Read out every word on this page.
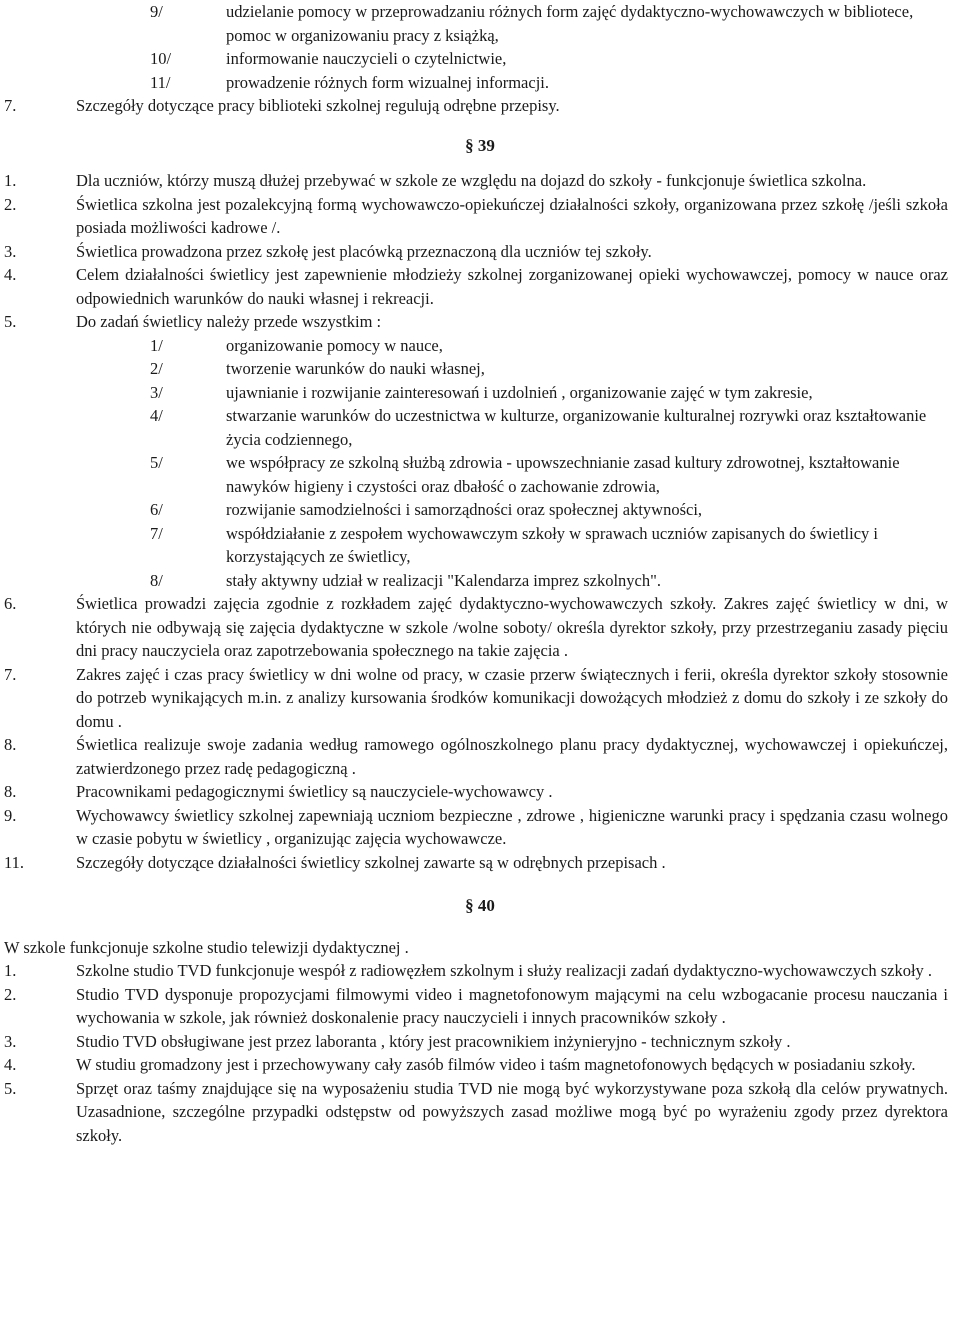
9/	udzielanie pomocy w przeprowadzaniu różnych form zajęć dydaktyczno-wychowawczych w bibliotece, pomoc w organizowaniu pracy z książką,
10/	informowanie nauczycieli o czytelnictwie,
11/	prowadzenie różnych form wizualnej informacji.
7.	Szczegóły dotyczące pracy biblioteki szkolnej regulują odrębne przepisy.
§ 39
1.	Dla uczniów, którzy muszą dłużej przebywać w szkole ze względu na dojazd do szkoły - funkcjonuje świetlica szkolna.
2.	Świetlica szkolna jest pozalekcyjną formą wychowawczo-opiekuńczej działalności szkoły, organizowana przez szkołę /jeśli szkoła posiada możliwości kadrowe /.
3.	Świetlica prowadzona przez szkołę jest placówką przeznaczoną dla uczniów tej szkoły.
4.	Celem działalności świetlicy jest zapewnienie młodzieży szkolnej zorganizowanej opieki wychowawczej, pomocy w nauce oraz odpowiednich warunków do nauki własnej i rekreacji.
5.	Do zadań świetlicy należy przede wszystkim :
1/	organizowanie pomocy w nauce,
2/	tworzenie warunków do nauki własnej,
3/	ujawnianie i rozwijanie zainteresowań i uzdolnień , organizowanie zajęć w tym zakresie,
4/	stwarzanie warunków do uczestnictwa w kulturze, organizowanie kulturalnej rozrywki oraz kształtowanie życia codziennego,
5/	we współpracy ze szkolną służbą zdrowia - upowszechnianie zasad kultury zdrowotnej, kształtowanie nawyków higieny i czystości oraz dbałość o zachowanie zdrowia,
6/	rozwijanie samodzielności i samorządności oraz społecznej aktywności,
7/	współdziałanie z zespołem wychowawczym szkoły w sprawach uczniów zapisanych do świetlicy i korzystających ze świetlicy,
8/	stały aktywny udział w realizacji "Kalendarza imprez szkolnych".
6.	Świetlica prowadzi zajęcia zgodnie z rozkładem zajęć dydaktyczno-wychowawczych szkoły. Zakres zajęć świetlicy w dni, w których nie odbywają się zajęcia dydaktyczne w szkole /wolne soboty/ określa dyrektor szkoły, przy przestrzeganiu zasady pięciu dni pracy nauczyciela oraz zapotrzebowania społecznego na takie zajęcia .
7.	Zakres zajęć i czas pracy świetlicy w dni wolne od pracy, w czasie przerw świątecznych i ferii, określa dyrektor szkoły stosownie do potrzeb wynikających m.in. z analizy kursowania środków komunikacji dowożących młodzież z domu do szkoły i ze szkoły do domu .
8.	Świetlica realizuje swoje zadania według ramowego ogólnoszkolnego planu pracy dydaktycznej, wychowawczej i opiekuńczej, zatwierdzonego przez radę pedagogiczną .
8.	Pracownikami pedagogicznymi świetlicy są nauczyciele-wychowawcy .
9.	Wychowawcy świetlicy szkolnej zapewniają uczniom bezpieczne , zdrowe , higieniczne warunki pracy i spędzania czasu wolnego w czasie pobytu w świetlicy , organizując zajęcia wychowawcze.
11.	Szczegóły dotyczące działalności świetlicy szkolnej zawarte są w odrębnych przepisach .
§ 40
W szkole funkcjonuje szkolne studio telewizji dydaktycznej .
1.	Szkolne studio TVD funkcjonuje wespół z radiowęzłem szkolnym i służy realizacji zadań dydaktyczno-wychowawczych szkoły .
2.	Studio TVD dysponuje propozycjami filmowymi video i magnetofonowym mającymi na celu wzbogacanie procesu nauczania i wychowania w szkole, jak również doskonalenie pracy nauczycieli i innych pracowników szkoły .
3.	Studio TVD obsługiwane jest przez laboranta , który jest pracownikiem inżynieryjno - technicznym szkoły .
4.	W studiu gromadzony jest i przechowywany cały zasób filmów video i taśm magnetofonowych będących w posiadaniu szkoły.
5.	Sprzęt oraz taśmy znajdujące się na wyposażeniu studia TVD nie mogą być wykorzystywane poza szkołą dla celów prywatnych. Uzasadnione, szczególne przypadki odstępstw od powyższych zasad możliwe mogą być po wyrażeniu zgody przez dyrektora szkoły.
